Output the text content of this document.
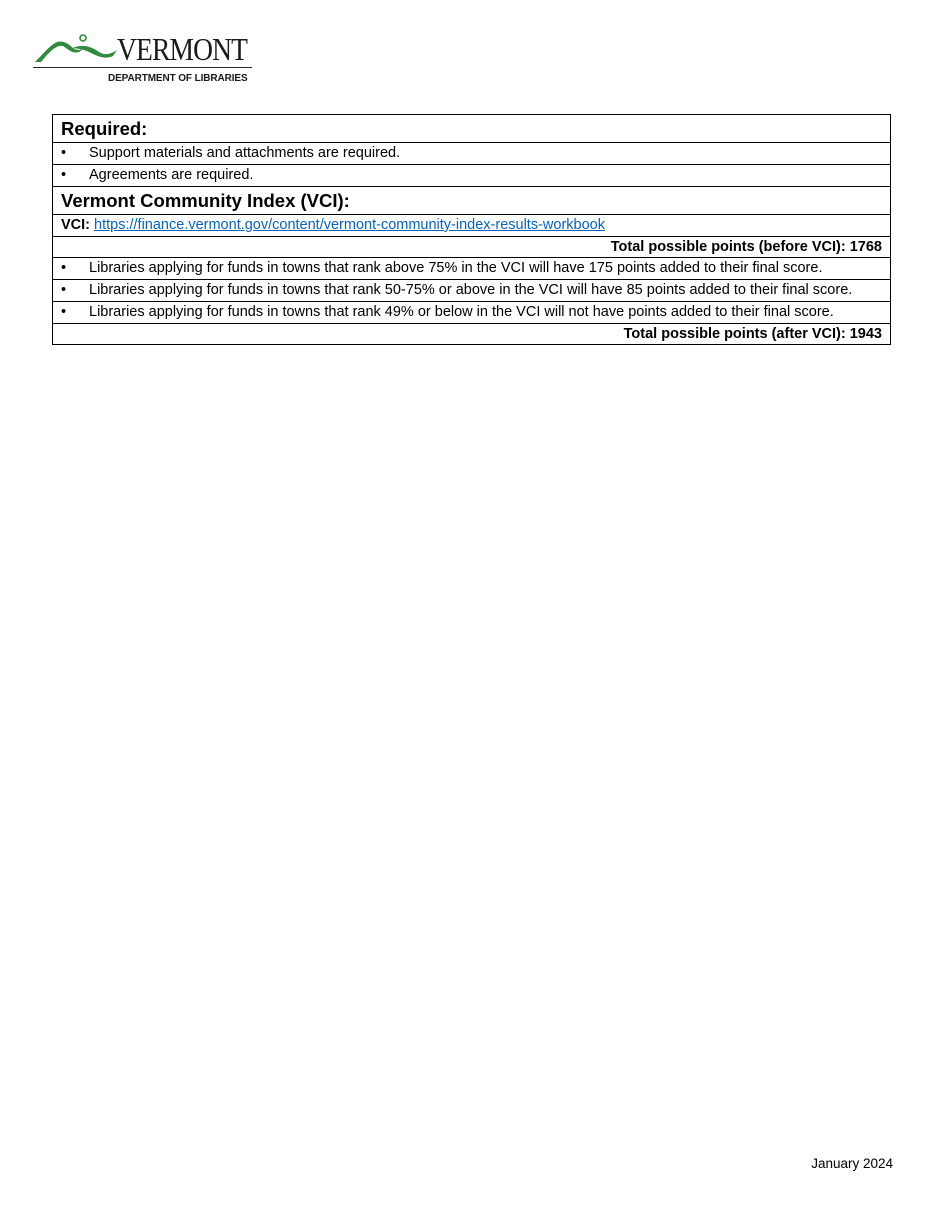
VERMONT
DEPARTMENT OF LIBRARIES
Required:
• Support materials and attachments are required.
• Agreements are required.
Vermont Community Index (VCI):
VCI: https://finance.vermont.gov/content/vermont-community-index-results-workbook
Total possible points (before VCI): 1768

•	Libraries applying for funds in towns that rank above 75% in the VCI will have 175 points added to their final score.

•	Libraries applying for funds in towns that rank 50-75% or above in the VCI will have 85 points added to their final score.

•	Libraries applying for funds in towns that rank 49% or below in the VCI will not have points added to their final score.

Total possible points (after VCI): 1943
January 2024
